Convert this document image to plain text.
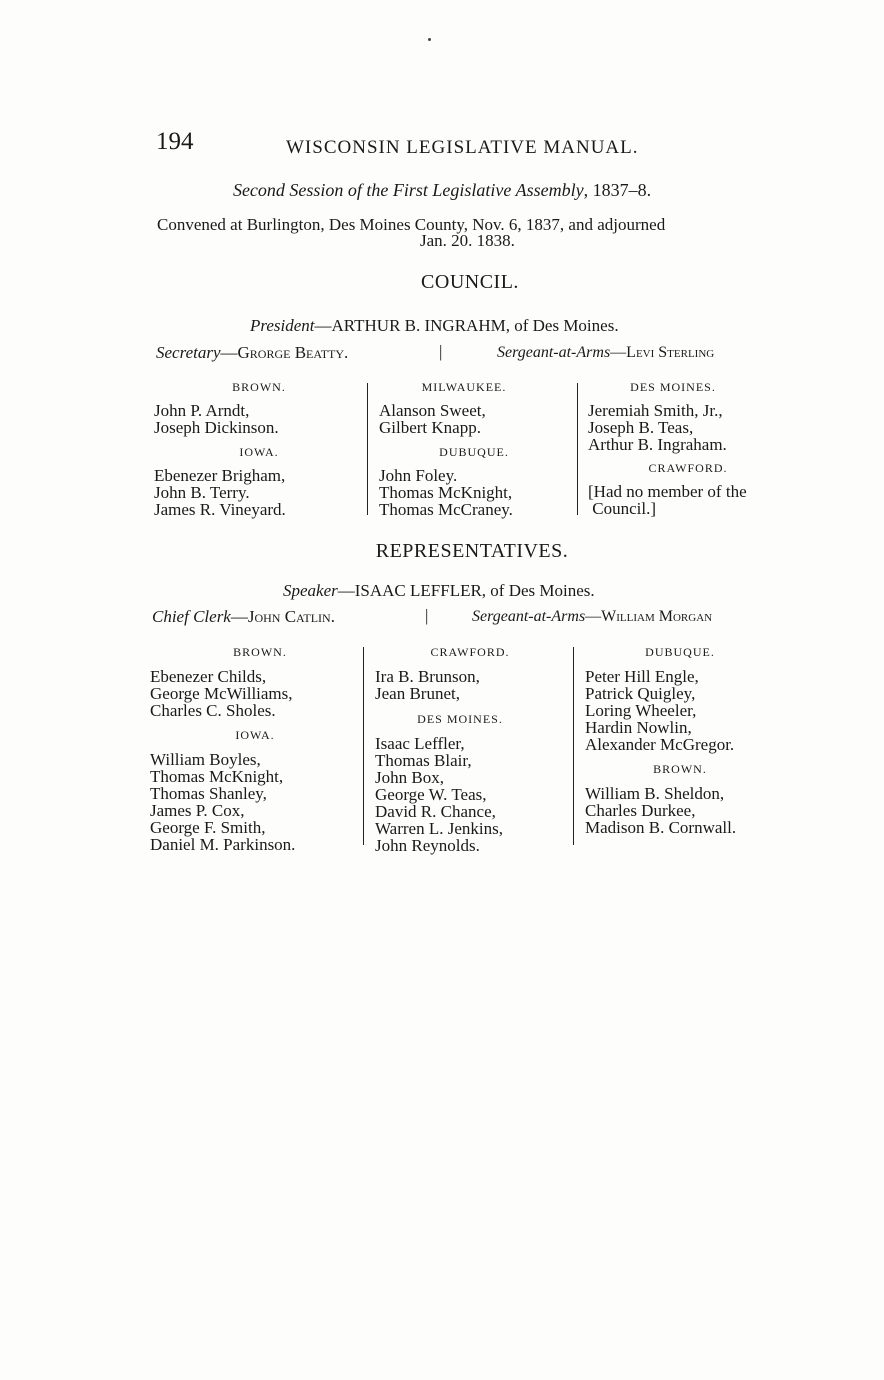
194	WISCONSIN LEGISLATIVE MANUAL.
Second Session of the First Legislative Assembly, 1837–8.
Convened at Burlington, Des Moines County, Nov. 6, 1837, and adjourned
Jan. 20. 1838.
COUNCIL.
President—ARTHUR B. INGRAHM, of Des Moines.
Secretary—Grorge Beatty.	|	Sergeant-at-Arms—Levi Sterling
BROWN.
John P. Arndt,
Joseph Dickinson.
IOWA.
Ebenezer Brigham,
John B. Terry.
James R. Vineyard.
MILWAUKEE.
Alanson Sweet,
Gilbert Knapp.
DUBUQUE.
John Foley.
Thomas McKnight,
Thomas McCraney.
DES MOINES.
Jeremiah Smith, Jr.,
Joseph B. Teas,
Arthur B. Ingraham.
CRAWFORD.
[Had no member of the
Council.]
REPRESENTATIVES.
Speaker—ISAAC LEFFLER, of Des Moines.
Chief Clerk—John Catlin.	|	Sergeant-at-Arms—William Morgan
BROWN.
Ebenezer Childs,
George McWilliams,
Charles C. Sholes.
IOWA.
William Boyles,
Thomas McKnight,
Thomas Shanley,
James P. Cox,
George F. Smith,
Daniel M. Parkinson.
CRAWFORD.
Ira B. Brunson,
Jean Brunet,
DES MOINES.
Isaac Leffler,
Thomas Blair,
John Box,
George W. Teas,
David R. Chance,
Warren L. Jenkins,
John Reynolds.
DUBUQUE.
Peter Hill Engle,
Patrick Quigley,
Loring Wheeler,
Hardin Nowlin,
Alexander McGregor.
BROWN.
William B. Sheldon,
Charles Durkee,
Madison B. Cornwall.
